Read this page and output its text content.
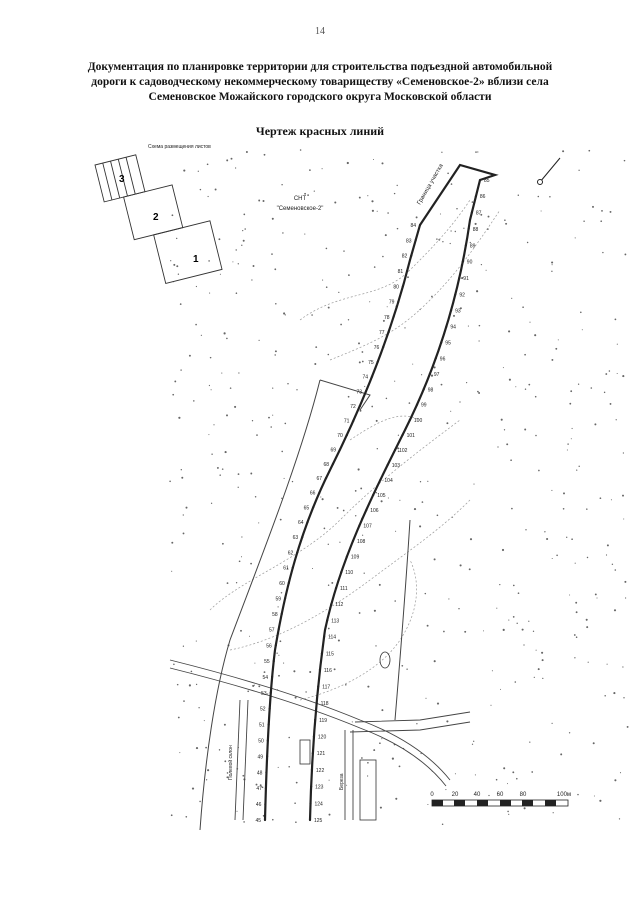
14
Документация по планировке территории для строительства подъездной автомобильной
дороги к садоводческому некоммерческому товариществу «Семеновское-2» вблизи села
Семеновское Можайского городского округа Московской области
Чертеж красных линий
Граница участка
СНТ
"Семеновское-2"
Полевой склон
Береза
Схема размещения листов
3
2
1
84
83
82
81
80
79
78
77
76
75
74
73
72
71
70
69
68
67
66
65
64
63
62
61
60
59
58
57
56
55
54
53
52
51
50
49
48
47
46
45
85
86
87
88
89
90
91
92
93
94
95
96
97
98
99
100
101
102
103
104
105
106
107
108
109
110
111
112
113
114
115
116
117
118
119
120
121
122
123
124
125
0	20	40	60	80	100м
